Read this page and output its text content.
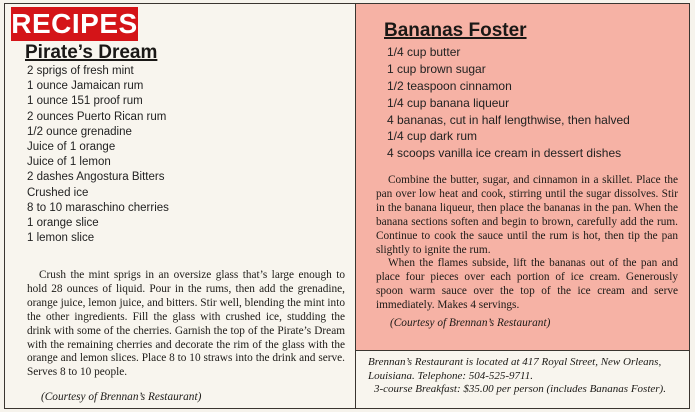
RECIPES
Pirate’s Dream
2 sprigs of fresh mint
1 ounce Jamaican rum
1 ounce 151 proof rum
2 ounces Puerto Rican rum
1/2 ounce grenadine
Juice of 1 orange
Juice of 1 lemon
2 dashes Angostura Bitters
Crushed ice
8 to 10 maraschino cherries
1 orange slice
1 lemon slice

Crush the mint sprigs in an oversize glass that’s large enough to hold 28 ounces of liquid. Pour in the rums, then add the grenadine, orange juice, lemon juice, and bitters. Stir well, blending the mint into the other ingredients. Fill the glass with crushed ice, studding the drink with some of the cherries. Garnish the top of the Pirate’s Dream with the remaining cherries and decorate the rim of the glass with the orange and lemon slices. Place 8 to 10 straws into the drink and serve. Serves 8 to 10 people.

(Courtesy of Brennan’s Restaurant)
Bananas Foster
1/4 cup butter
1 cup brown sugar
1/2 teaspoon cinnamon
1/4 cup banana liqueur
4 bananas, cut in half lengthwise, then halved
1/4 cup dark rum
4 scoops vanilla ice cream in dessert dishes

Combine the butter, sugar, and cinnamon in a skillet. Place the pan over low heat and cook, stirring until the sugar dissolves. Stir in the banana liqueur, then place the bananas in the pan. When the banana sections soften and begin to brown, carefully add the rum. Continue to cook the sauce until the rum is hot, then tip the pan slightly to ignite the rum.

When the flames subside, lift the bananas out of the pan and place four pieces over each portion of ice cream. Generously spoon warm sauce over the top of the ice cream and serve immediately. Makes 4 servings.

(Courtesy of Brennan’s Restaurant)

Brennan’s Restaurant is located at 417 Royal Street, New Orleans, Louisiana. Telephone: 504-525-9711.

3-course Breakfast: $35.00 per person (includes Bananas Foster).
